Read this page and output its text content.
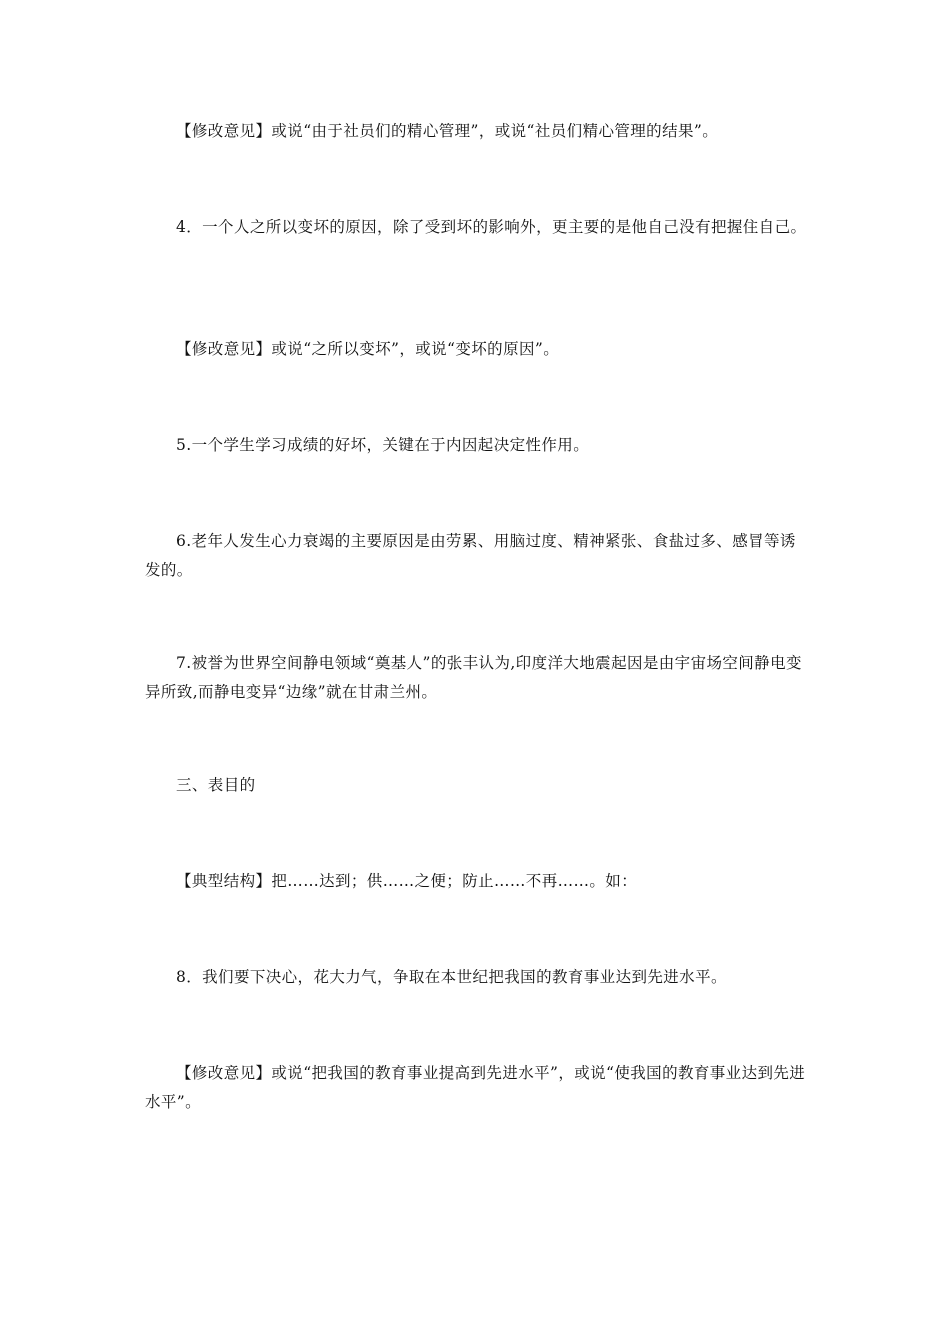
【修改意见】或说“由于社员们的精心管理”，或说“社员们精心管理的结果”。

4．一个人之所以变坏的原因，除了受到坏的影响外，更主要的是他自己没有把握住自己。

【修改意见】或说“之所以变坏”，或说“变坏的原因”。

5.一个学生学习成绩的好坏，关键在于内因起决定性作用。

6.老年人发生心力衰竭的主要原因是由劳累、用脑过度、精神紧张、食盐过多、感冒等诱发的。

7.被誉为世界空间静电领域“奠基人”的张丰认为,印度洋大地震起因是由宇宙场空间静电变异所致,而静电变异“边缘”就在甘肃兰州。

三、表目的

【典型结构】把……达到；供……之便；防止……不再……。如：

8．我们要下决心，花大力气，争取在本世纪把我国的教育事业达到先进水平。

【修改意见】或说“把我国的教育事业提高到先进水平”，或说“使我国的教育事业达到先进水平”。
